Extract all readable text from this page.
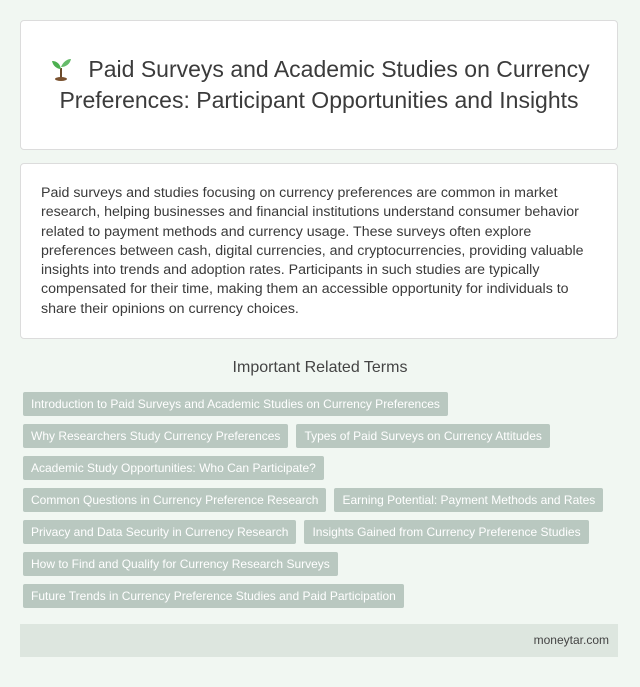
Paid Surveys and Academic Studies on Currency Preferences: Participant Opportunities and Insights

Paid surveys and studies focusing on currency preferences are common in market research, helping businesses and financial institutions understand consumer behavior related to payment methods and currency usage. These surveys often explore preferences between cash, digital currencies, and cryptocurrencies, providing valuable insights into trends and adoption rates. Participants in such studies are typically compensated for their time, making them an accessible opportunity for individuals to share their opinions on currency choices.

Important Related Terms
Introduction to Paid Surveys and Academic Studies on Currency Preferences
Why Researchers Study Currency Preferences	Types of Paid Surveys on Currency Attitudes
Academic Study Opportunities: Who Can Participate?
Common Questions in Currency Preference Research	Earning Potential: Payment Methods and Rates
Privacy and Data Security in Currency Research	Insights Gained from Currency Preference Studies
How to Find and Qualify for Currency Research Surveys
Future Trends in Currency Preference Studies and Paid Participation
moneytar.com
